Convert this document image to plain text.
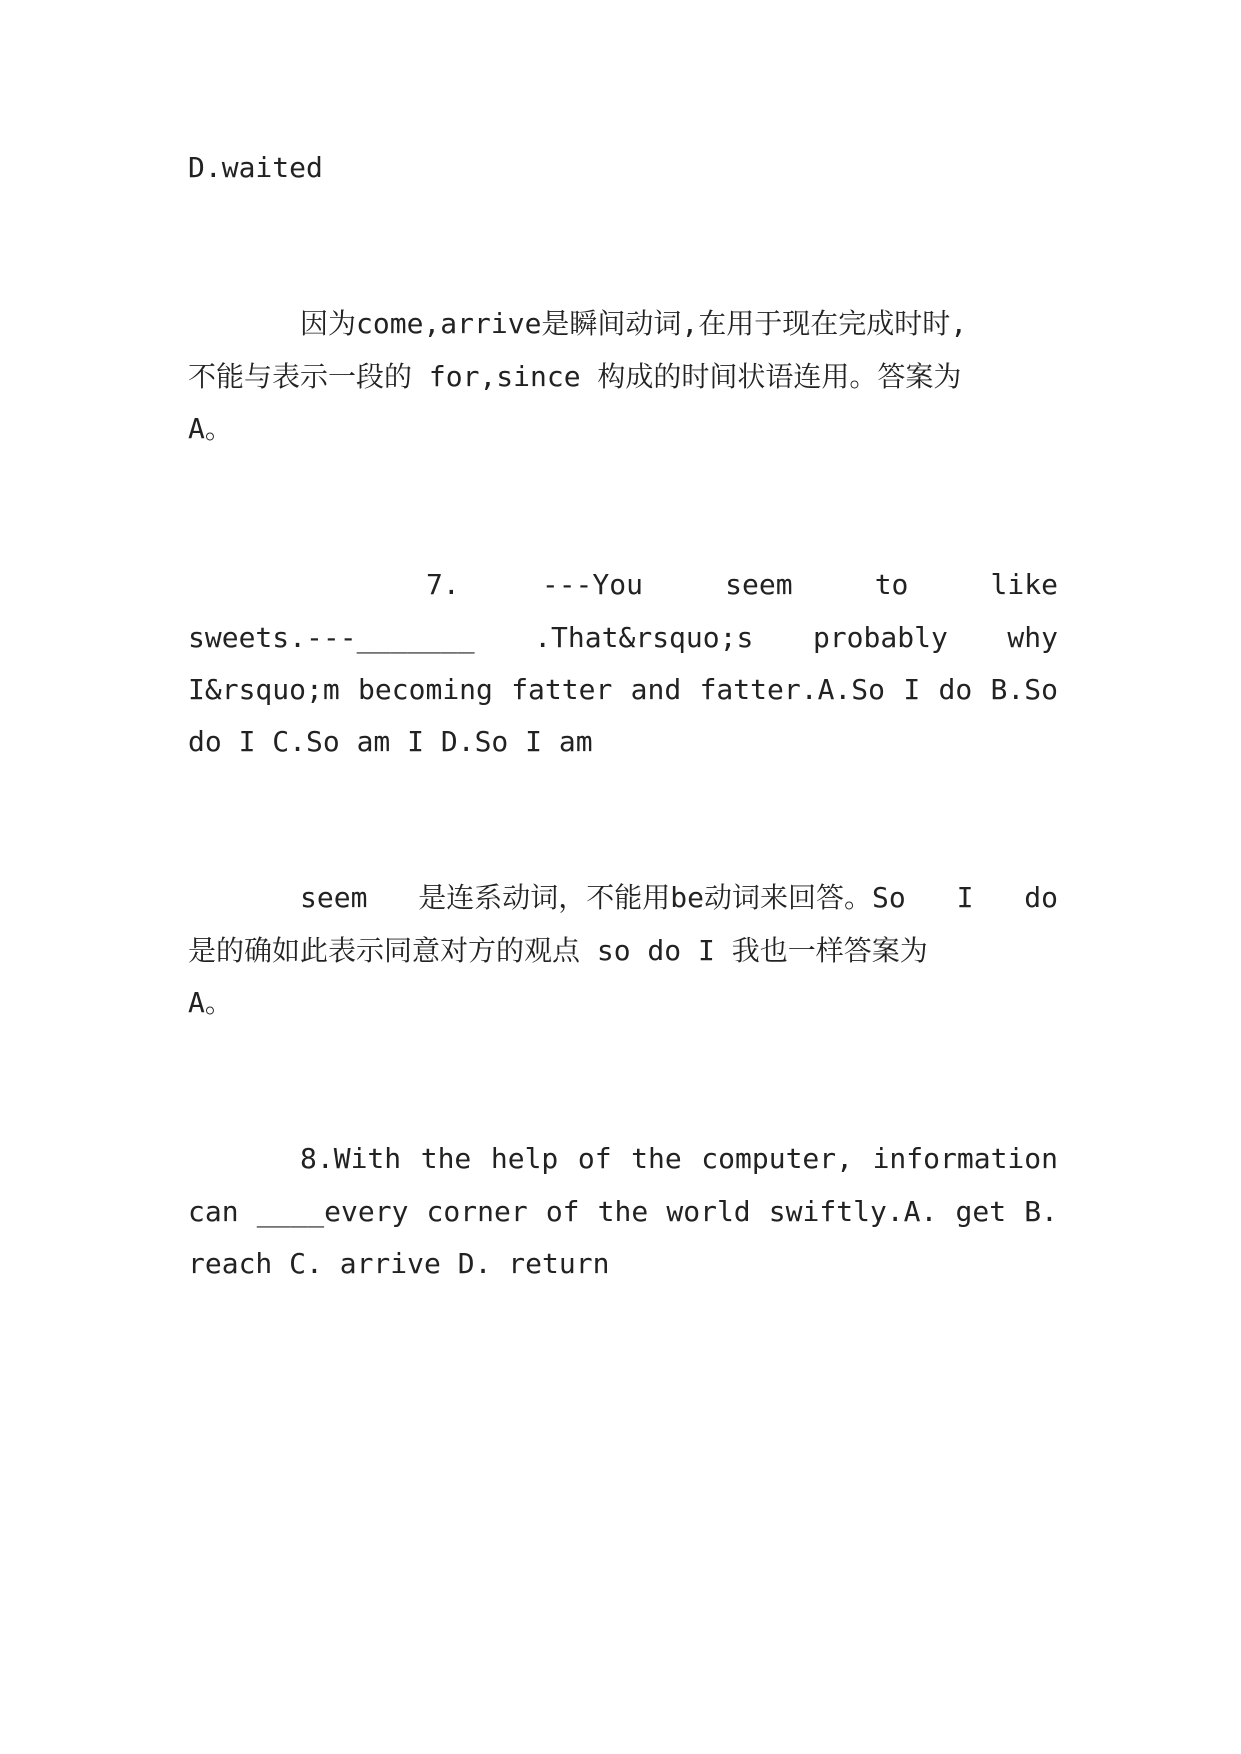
D.waited
因为come,arrive是瞬间动词,在用于现在完成时时,
不能与表示一段的 for,since 构成的时间状语连用。答案为
A。
7.	---You	seem	to	like
sweets.---_______ .That&rsquo;s probably why
I&rsquo;m becoming fatter and fatter.A.So I do B.So
do I C.So am I D.So I am
seem 是连系动词，不能用be动词来回答。So I do
是的确如此表示同意对方的观点 so do I 我也一样答案为
A。
8.With the help of the computer, information
can ____every corner of the world swiftly.A. get B.
reach C. arrive D. return
